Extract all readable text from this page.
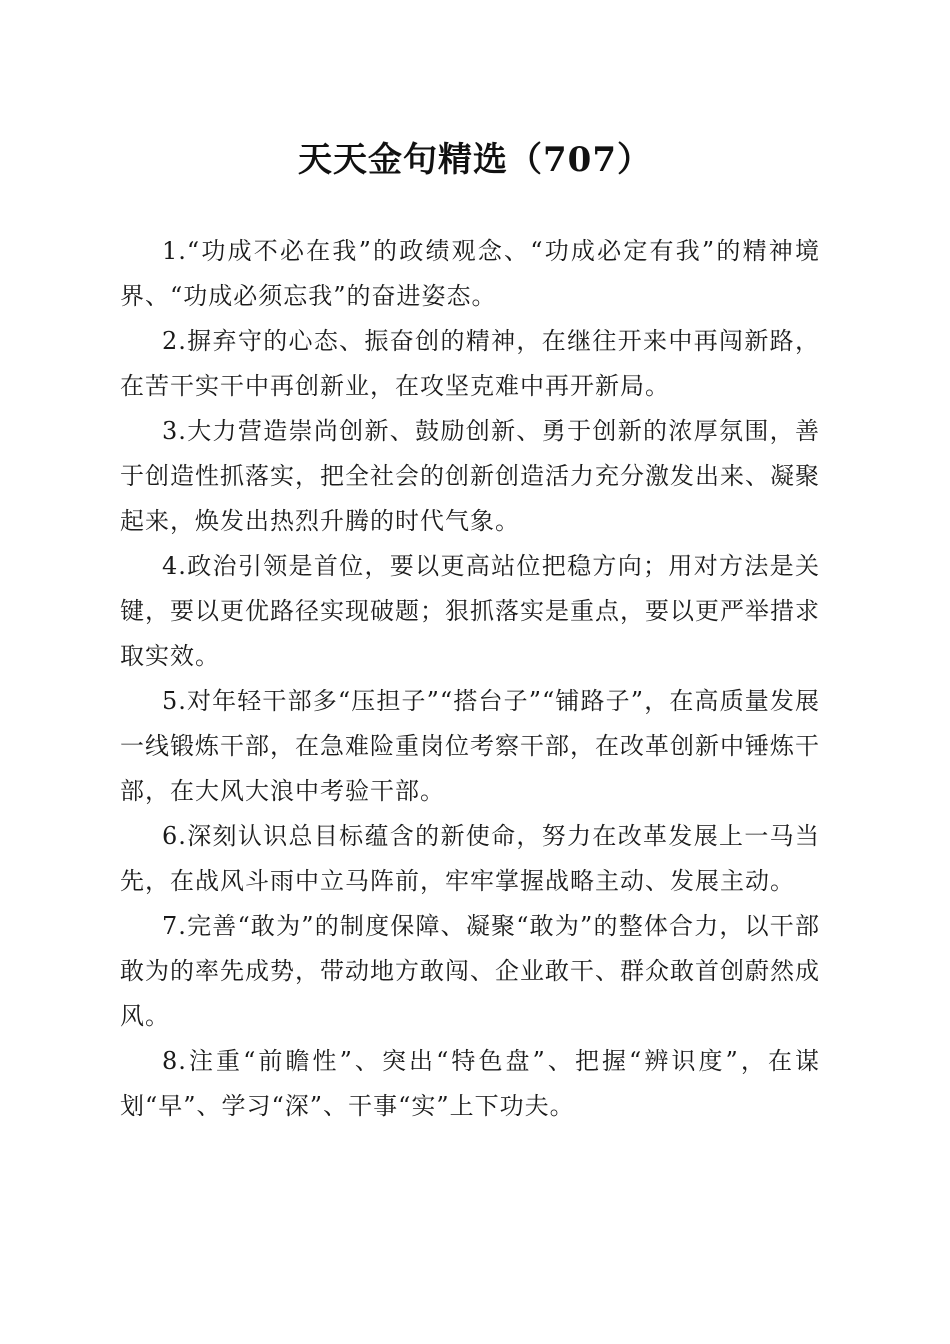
天天金句精选（707）

1.“功成不必在我”的政绩观念、“功成必定有我”的精神境界、“功成必须忘我”的奋进姿态。

2.摒弃守的心态、振奋创的精神，在继往开来中再闯新路，在苦干实干中再创新业，在攻坚克难中再开新局。

3.大力营造崇尚创新、鼓励创新、勇于创新的浓厚氛围，善于创造性抓落实，把全社会的创新创造活力充分激发出来、凝聚起来，焕发出热烈升腾的时代气象。

4.政治引领是首位，要以更高站位把稳方向；用对方法是关键，要以更优路径实现破题；狠抓落实是重点，要以更严举措求取实效。

5.对年轻干部多“压担子”“搭台子”“铺路子”，在高质量发展一线锻炼干部，在急难险重岗位考察干部，在改革创新中锤炼干部，在大风大浪中考验干部。

6.深刻认识总目标蕴含的新使命，努力在改革发展上一马当先，在战风斗雨中立马阵前，牢牢掌握战略主动、发展主动。

7.完善“敢为”的制度保障、凝聚“敢为”的整体合力，以干部敢为的率先成势，带动地方敢闯、企业敢干、群众敢首创蔚然成风。

8.注重“前瞻性”、突出“特色盘”、把握“辨识度”，在谋划“早”、学习“深”、干事“实”上下功夫。
